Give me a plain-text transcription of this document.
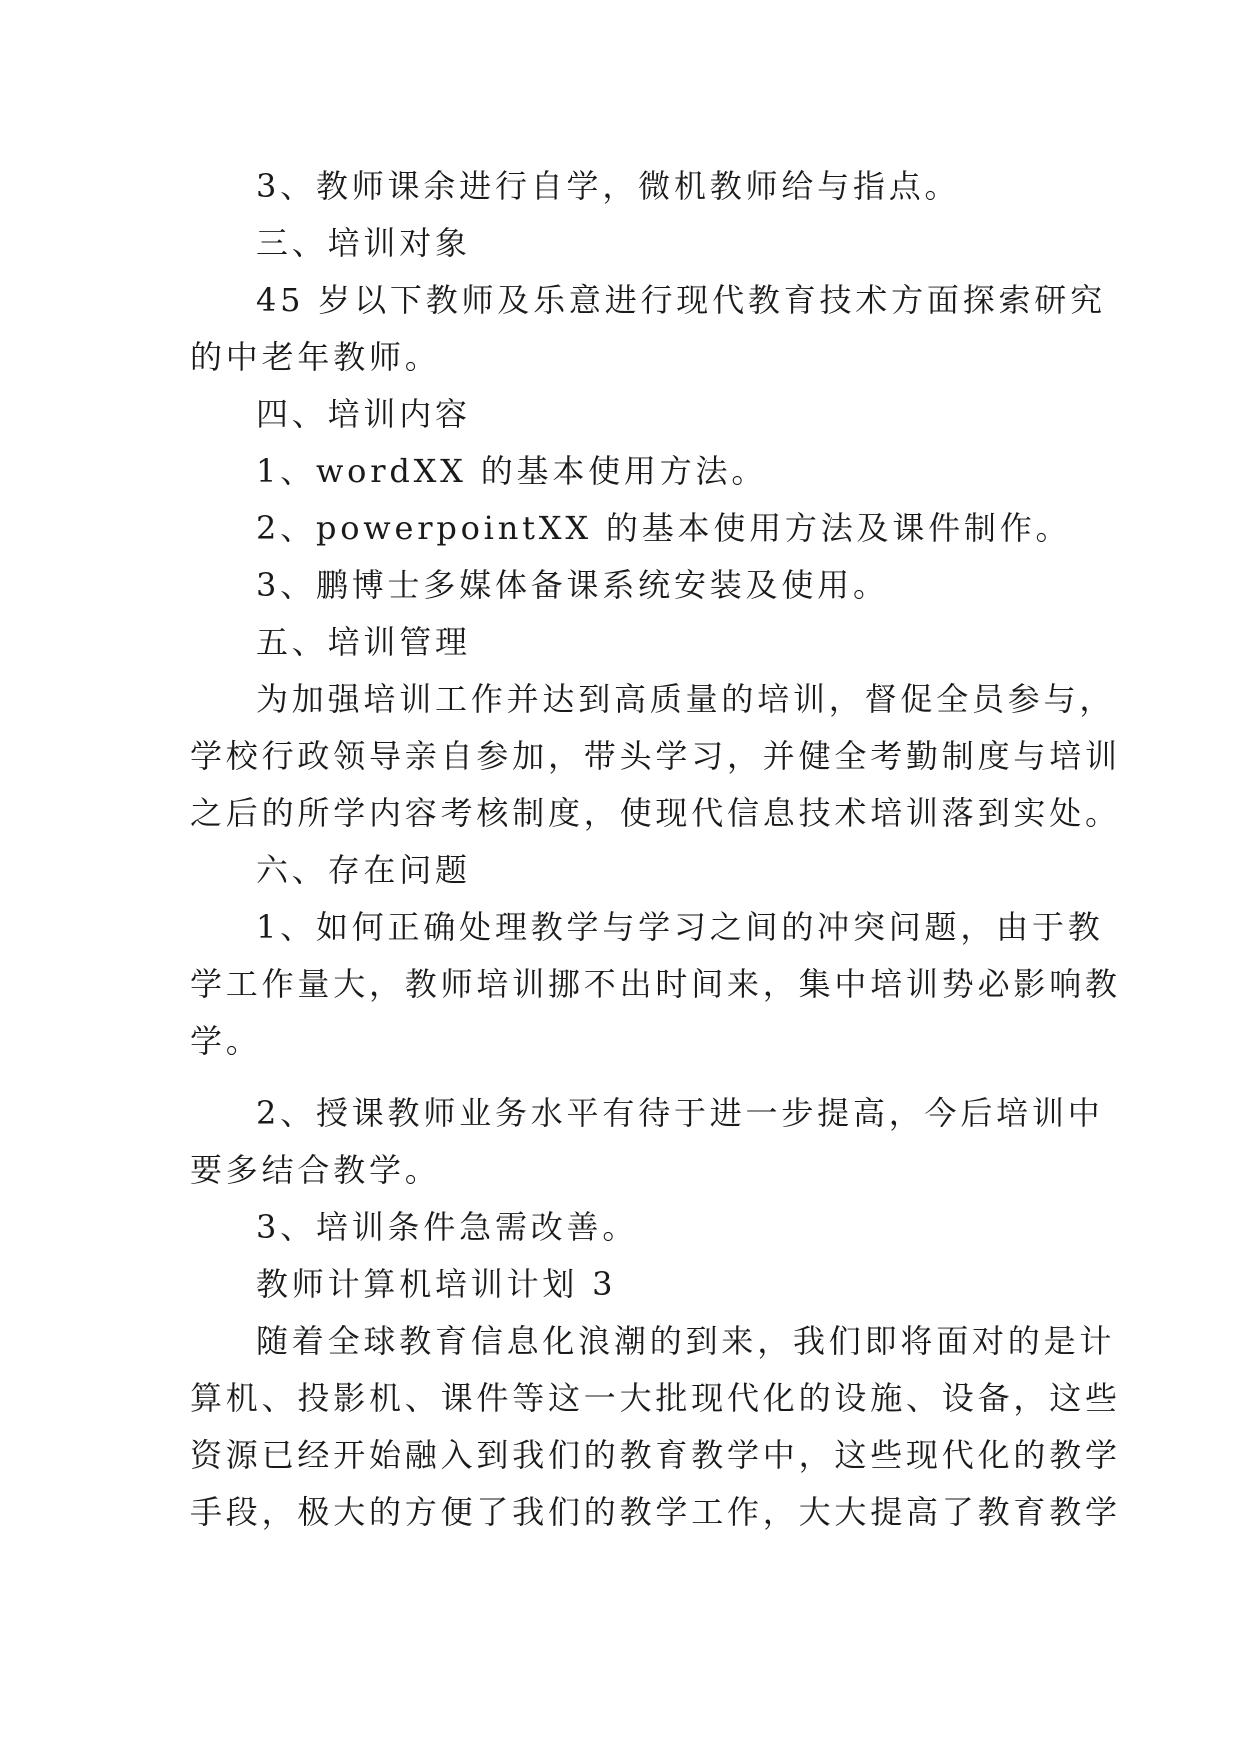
3、教师课余进行自学，微机教师给与指点。
三、培训对象
45 岁以下教师及乐意进行现代教育技术方面探索研究
的中老年教师。
四、培训内容
1、wordXX 的基本使用方法。
2、powerpointXX 的基本使用方法及课件制作。
3、鹏博士多媒体备课系统安装及使用。
五、培训管理
为加强培训工作并达到高质量的培训，督促全员参与，
学校行政领导亲自参加，带头学习，并健全考勤制度与培训
之后的所学内容考核制度，使现代信息技术培训落到实处。
六、存在问题
1、如何正确处理教学与学习之间的冲突问题，由于教
学工作量大，教师培训挪不出时间来，集中培训势必影响教
学。
2、授课教师业务水平有待于进一步提高，今后培训中
要多结合教学。
3、培训条件急需改善。
教师计算机培训计划 3
随着全球教育信息化浪潮的到来，我们即将面对的是计
算机、投影机、课件等这一大批现代化的设施、设备，这些
资源已经开始融入到我们的教育教学中，这些现代化的教学
手段，极大的方便了我们的教学工作，大大提高了教育教学
